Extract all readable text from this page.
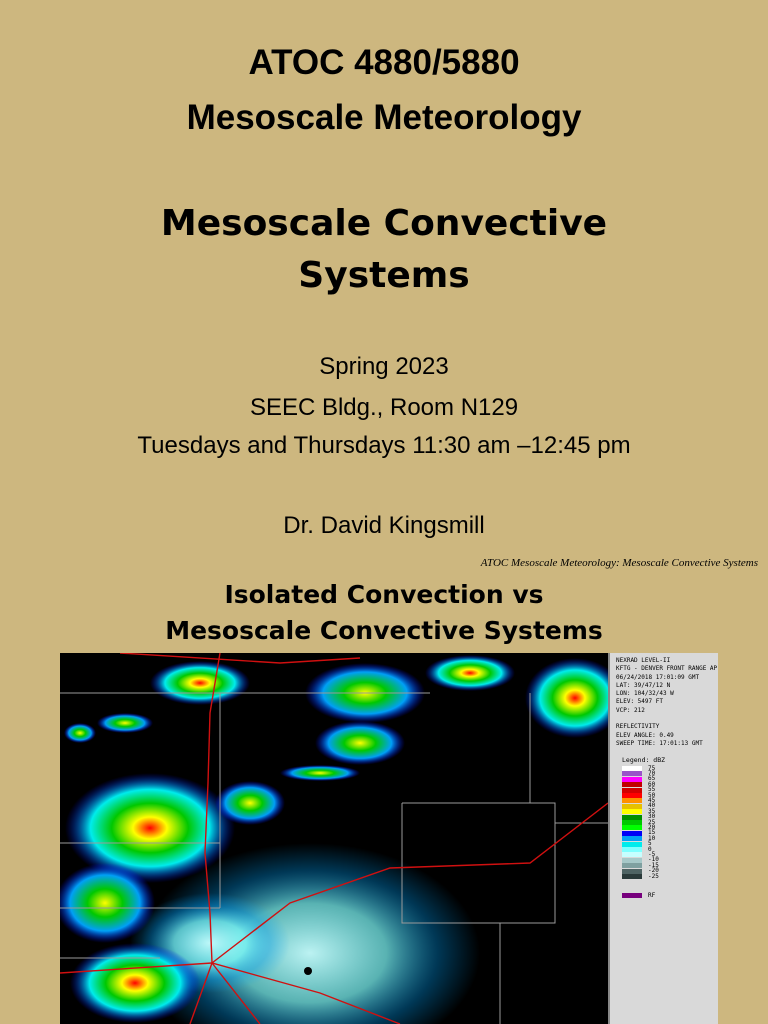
ATOC 4880/5880
Mesoscale Meteorology
Mesoscale Convective
Systems
Spring 2023
SEEC Bldg., Room N129
Tuesdays and Thursdays 11:30 am –12:45 pm
Dr. David Kingsmill
ATOC Mesoscale Meteorology: Mesoscale Convective Systems
Isolated Convection vs
Mesoscale Convective Systems
NEXRAD LEVEL-II
KFTG - DENVER FRONT RANGE AP
06/24/2018 17:01:09 GMT
LAT: 39/47/12 N
LON: 104/32/43 W
ELEV: 5497 FT
VCP: 212

REFLECTIVITY
ELEV ANGLE: 0.49
SWEEP TIME: 17:01:13 GMT
Legend: dBZ
75
70
65
60
55
50
45
40
35
30
25
20
15
10
5
0
-5
-10
-15
-20
-25
RF
